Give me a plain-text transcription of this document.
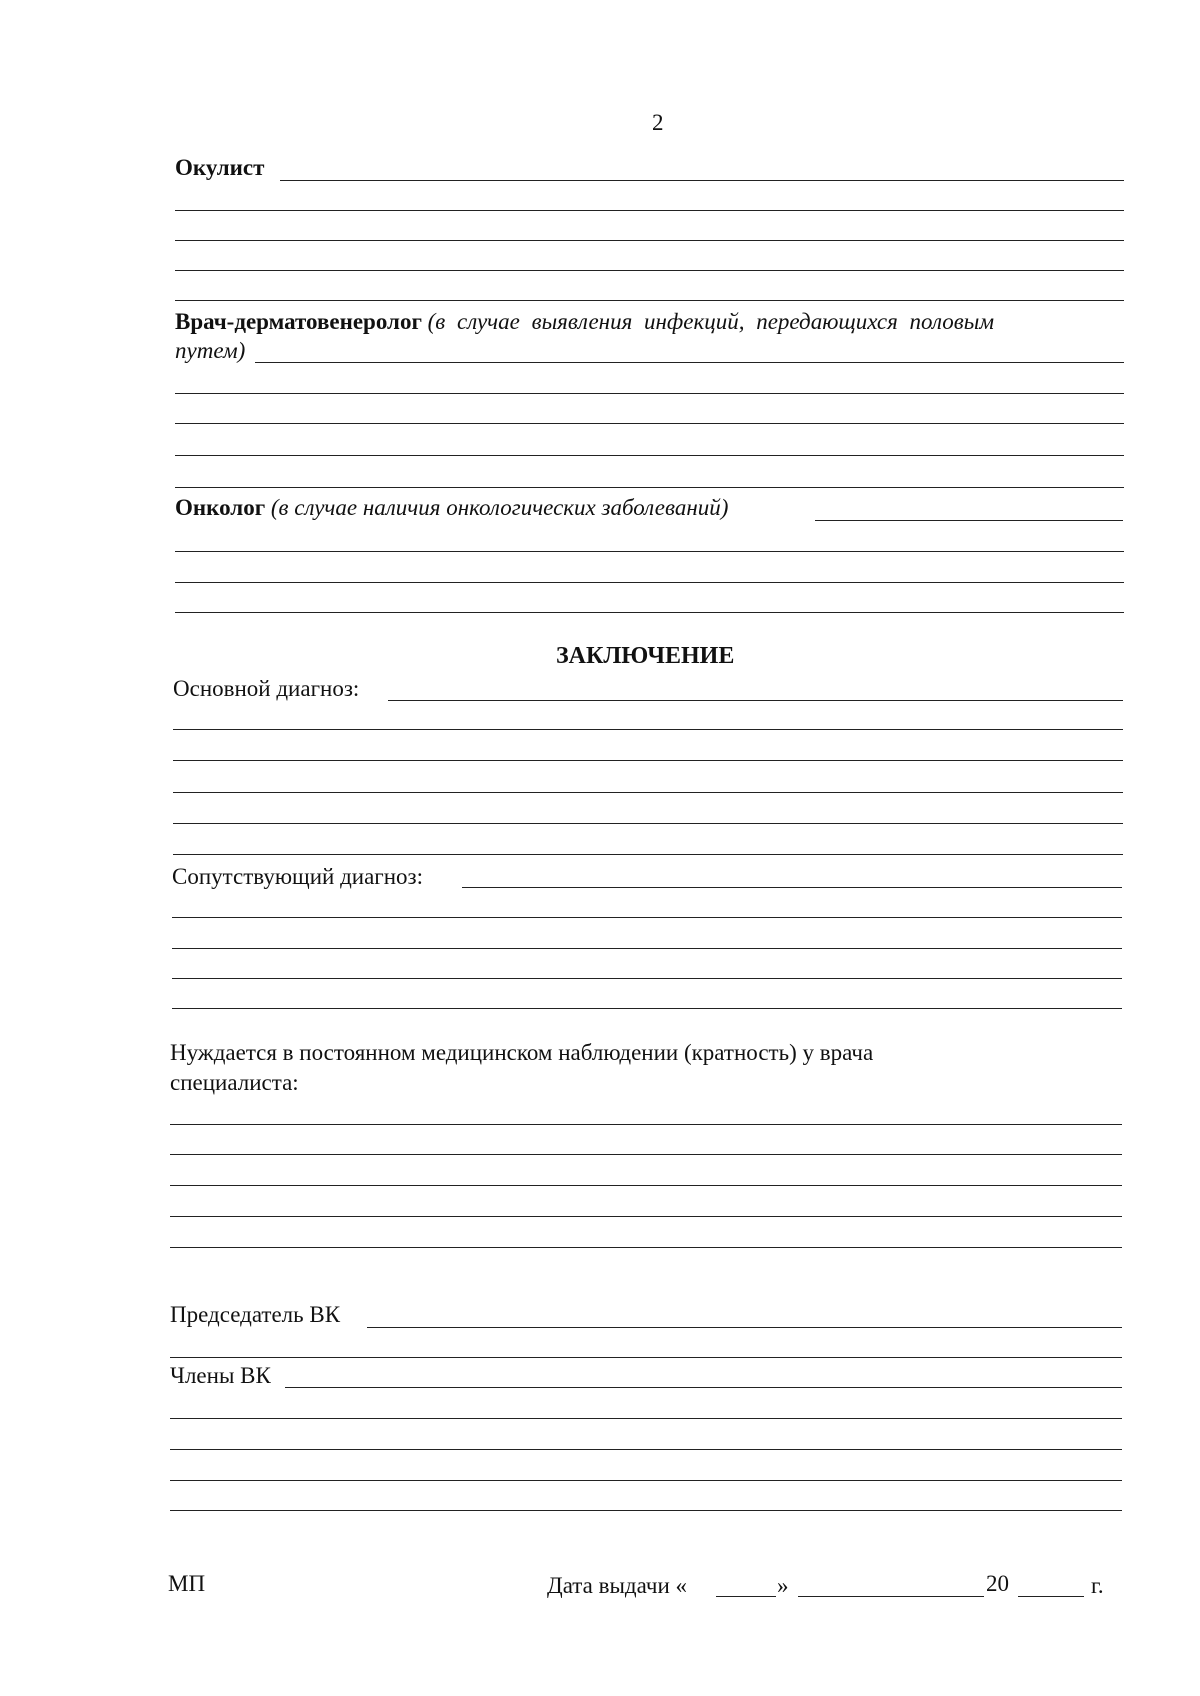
2
Окулист
Врач-дерматовенеролог (в случае выявления инфекций, передающихся половым
путем)
Онколог (в случае наличия онкологических заболеваний)
ЗАКЛЮЧЕНИЕ
Основной диагноз:
Сопутствующий диагноз:
Нуждается в постоянном медицинском наблюдении (кратность) у врача
специалиста:
Председатель ВК
Члены ВК
МП	Дата выдачи «	»	20	г.
